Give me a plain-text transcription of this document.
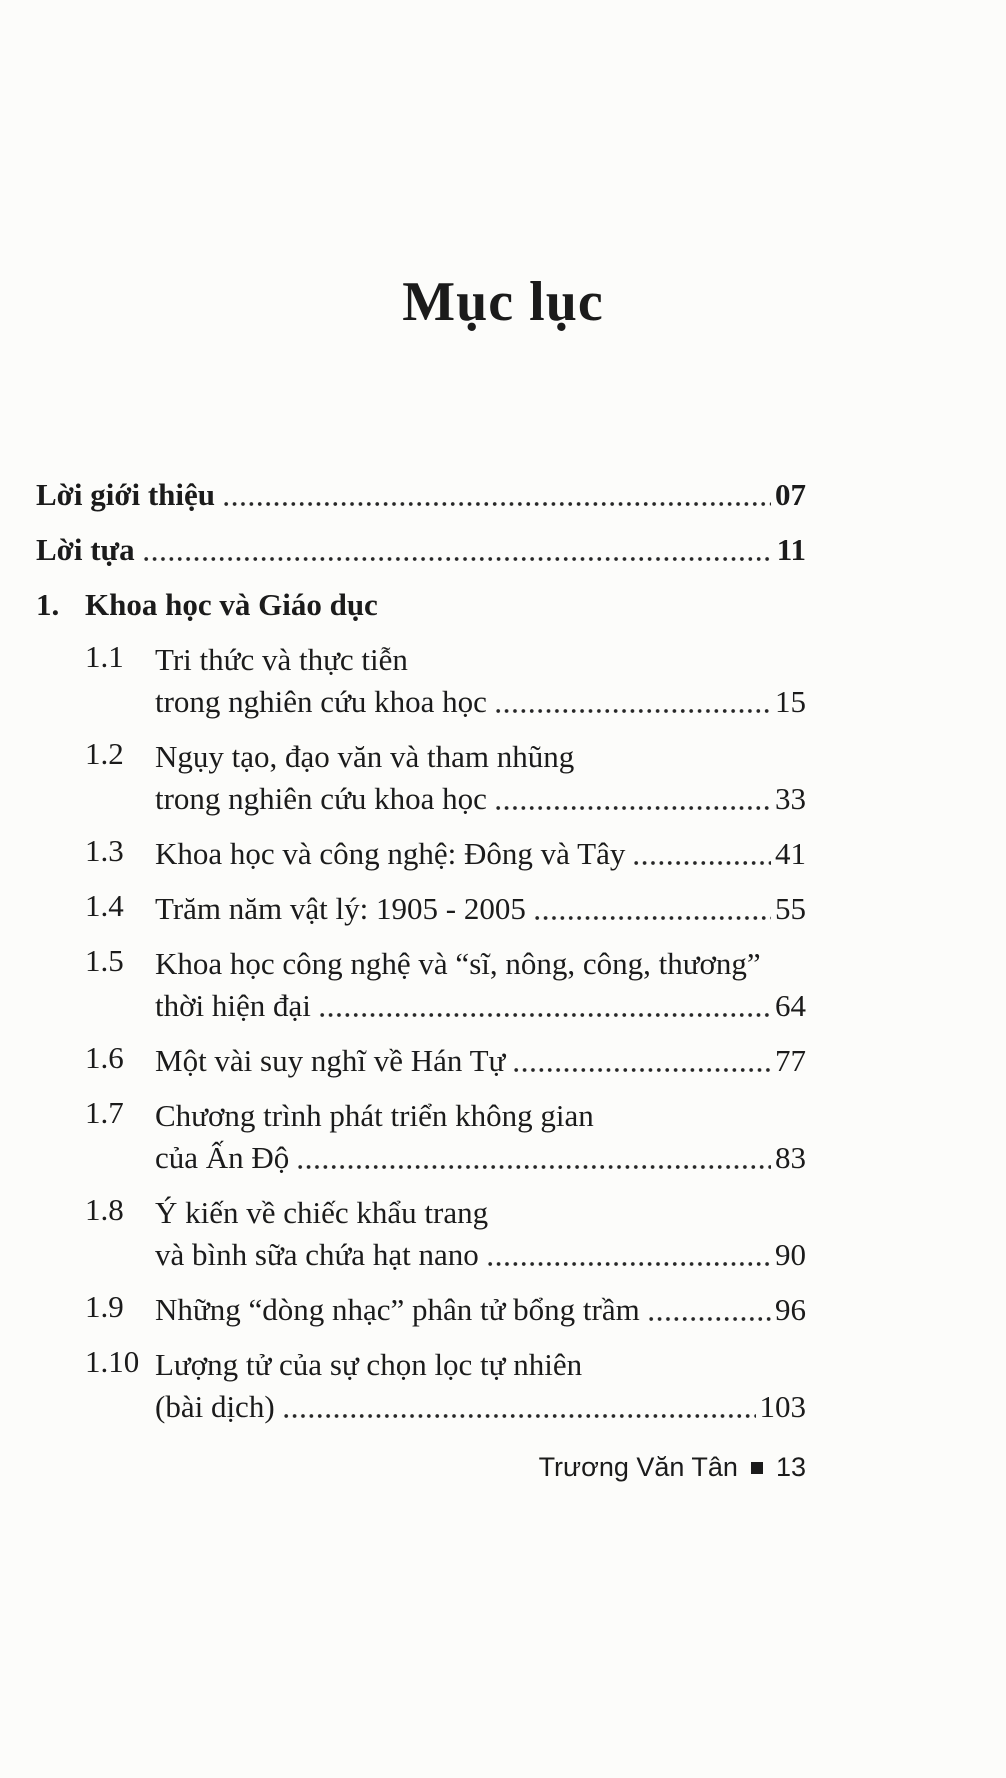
Mục lục
Lời giới thiệu	07
Lời tựa	11
1. Khoa học và Giáo dục
1.1	Tri thức và thực tiễn
trong nghiên cứu khoa học	15
1.2	Ngụy tạo, đạo văn và tham nhũng
trong nghiên cứu khoa học	33
1.3	Khoa học và công nghệ: Đông và Tây	41
1.4	Trăm năm vật lý: 1905 - 2005	55
1.5	Khoa học công nghệ và “sĩ, nông, công, thương”
thời hiện đại	64
1.6	Một vài suy nghĩ về Hán Tự	77
1.7	Chương trình phát triển không gian
của Ấn Độ	83
1.8	Ý kiến về chiếc khẩu trang
và bình sữa chứa hạt nano	90
1.9	Những “dòng nhạc” phân tử bổng trầm	96
1.10 Lượng tử của sự chọn lọc tự nhiên
(bài dịch)	103
Trương Văn Tân 13
